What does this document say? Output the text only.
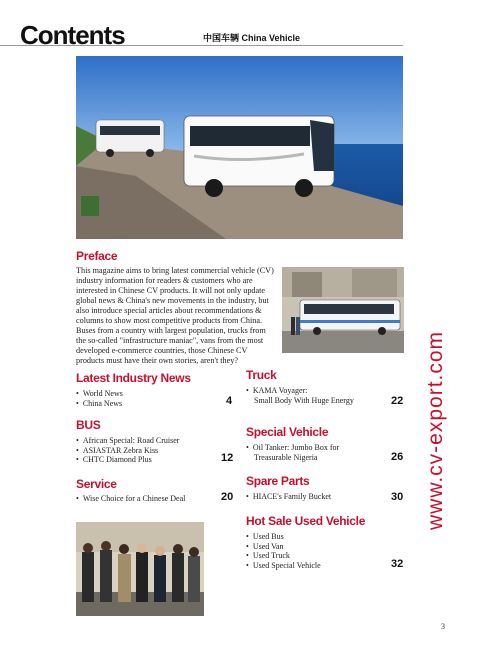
Contents	中国车辆 China Vehicle
Preface
This magazine aims to bring latest commercial vehicle (CV) industry information for readers & customers who are interested in Chinese CV products. It will not only update global news & China's new movements in the industry, but also introduce special articles about recommendations & columns to show most competitive products from China. Buses from a country with largest population, trucks from the so-called "infrastructure maniac", vans from the most developed e-commerce countries, those Chinese CV products must have their own stories, aren't they?
Latest Industry News
• World News
• China News	4
BUS
• African Special: Road Cruiser
• ASIASTAR Zebra Kiss
• CHTC Diamond Plus	12
Service
• Wise Choice for a Chinese Deal	20
Truck
• KAMA Voyager:
Small Body With Huge Energy	22
Special Vehicle
• Oil Tanker: Jumbo Box for
Treasurable Nigeria	26
Spare Parts
• HIACE's Family Bucket	30
Hot Sale Used Vehicle
• Used Bus
• Used Van
• Used Truck
• Used Special Vehicle	32
www.cv-export.com
3
